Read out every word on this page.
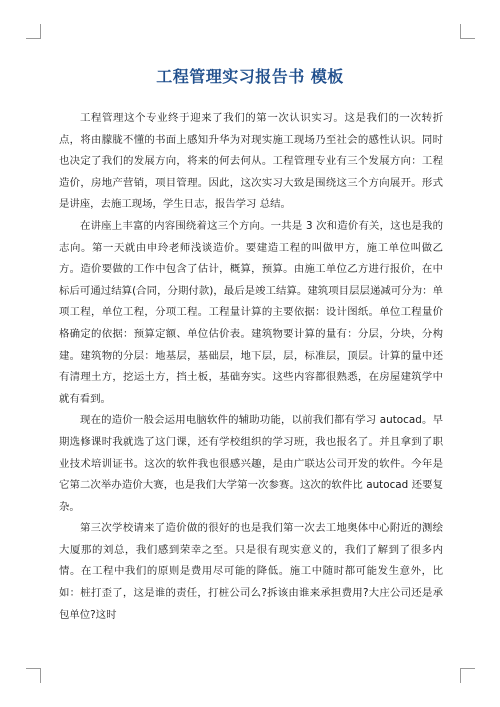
工程管理实习报告书 模板

工程管理这个专业终于迎来了我们的第一次认识实习。这是我们的一次转折点，将由朦胧不懂的书面上感知升华为对现实施工现场乃至社会的感性认识。同时也决定了我们的发展方向，将来的何去何从。工程管理专业有三个发展方向：工程造价，房地产营销，项目管理。因此，这次实习大致是围绕这三个方向展开。形式是讲座，去施工现场，学生日志，报告学习 总结。

在讲座上丰富的内容围绕着这三个方向。一共是 3 次和造价有关，这也是我的志向。第一天就由申玲老师浅谈造价。要建造工程的叫做甲方，施工单位叫做乙方。造价要做的工作中包含了估计，概算，预算。由施工单位乙方进行报价，在中标后可通过结算(合同，分期付款)，最后是竣工结算。建筑项目层层递减可分为：单项工程，单位工程，分项工程。工程量计算的主要依据：设计图纸。单位工程量价格确定的依据：预算定额、单位估价表。建筑物要计算的量有：分层，分块，分构建。建筑物的分层：地基层，基础层，地下层，层，标准层，顶层。计算的量中还有清理土方，挖运土方，挡土板，基础夯实。这些内容都很熟悉，在房屋建筑学中就有看到。

现在的造价一般会运用电脑软件的辅助功能，以前我们都有学习 autocad。早期选修课时我就选了这门课，还有学校组织的学习班，我也报名了。并且拿到了职业技术培训证书。这次的软件我也很感兴趣，是由广联达公司开发的软件。今年是它第二次举办造价大赛，也是我们大学第一次参赛。这次的软件比 autocad 还要复杂。

第三次学校请来了造价做的很好的也是我们第一次去工地奥体中心附近的测绘大厦那的刘总，我们感到荣幸之至。只是很有现实意义的，我们了解到了很多内情。在工程中我们的原则是费用尽可能的降低。施工中随时都可能发生意外，比如：桩打歪了，这是谁的责任，打桩公司么?拆该由谁来承担费用?大庄公司还是承包单位?这时
